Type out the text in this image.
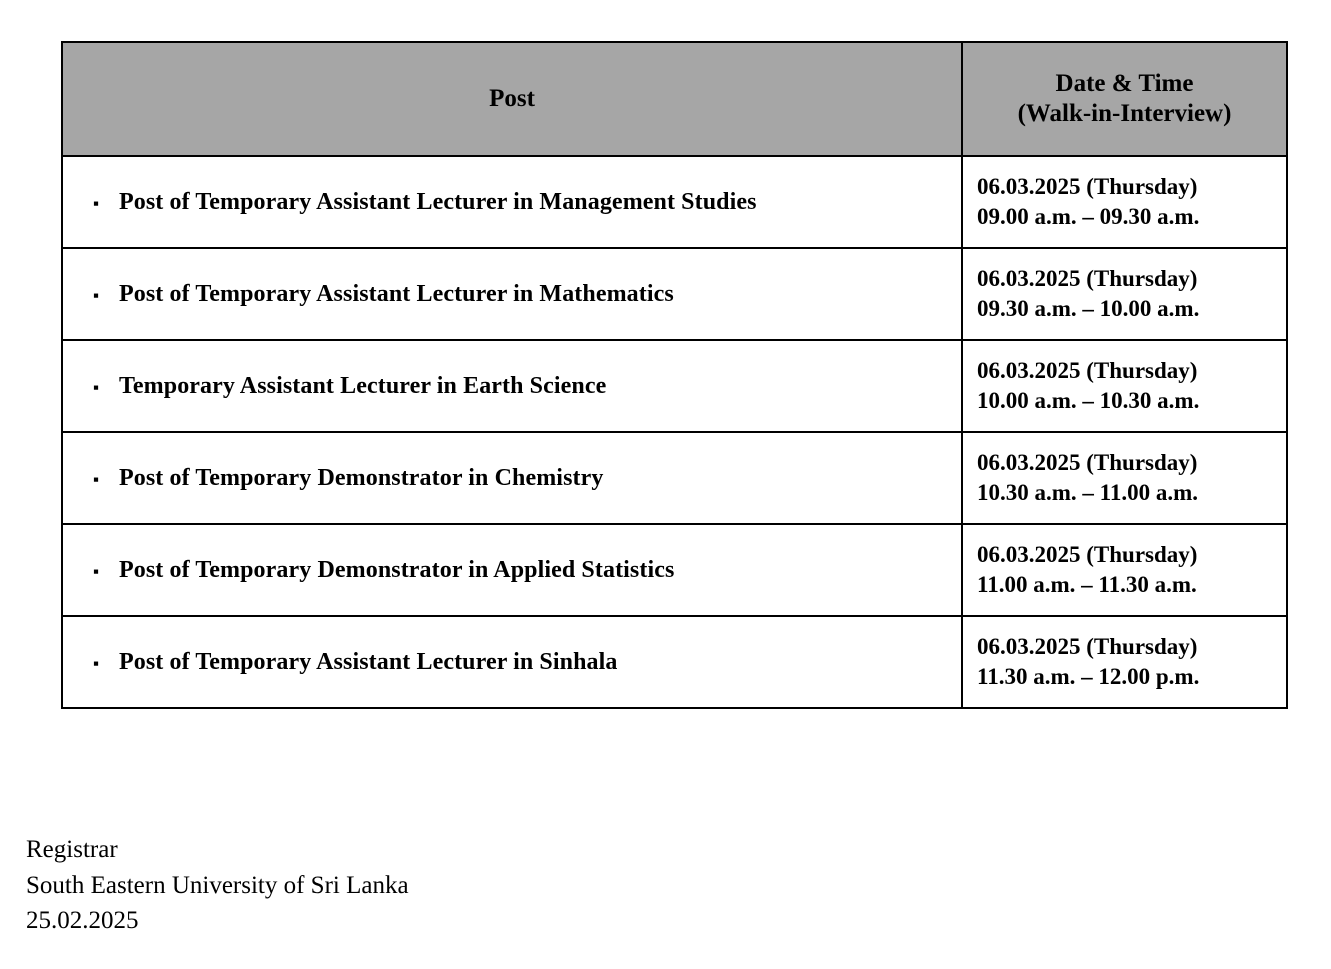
Post	Date & Time
(Walk-in-Interview)

▪ Post of Temporary Assistant Lecturer in Management Studies	06.03.2025 (Thursday)
09.00 a.m. – 09.30 a.m.

▪ Post of Temporary Assistant Lecturer in Mathematics	06.03.2025 (Thursday)
09.30 a.m. – 10.00 a.m.

▪ Temporary Assistant Lecturer in Earth Science	06.03.2025 (Thursday)
10.00 a.m. – 10.30 a.m.

▪ Post of Temporary Demonstrator in Chemistry	06.03.2025 (Thursday)
10.30 a.m. – 11.00 a.m.

▪ Post of Temporary Demonstrator in Applied Statistics	06.03.2025 (Thursday)
11.00 a.m. – 11.30 a.m.

▪ Post of Temporary Assistant Lecturer in Sinhala	06.03.2025 (Thursday)
11.30 a.m. – 12.00 p.m.
Registrar
South Eastern University of Sri Lanka
25.02.2025
